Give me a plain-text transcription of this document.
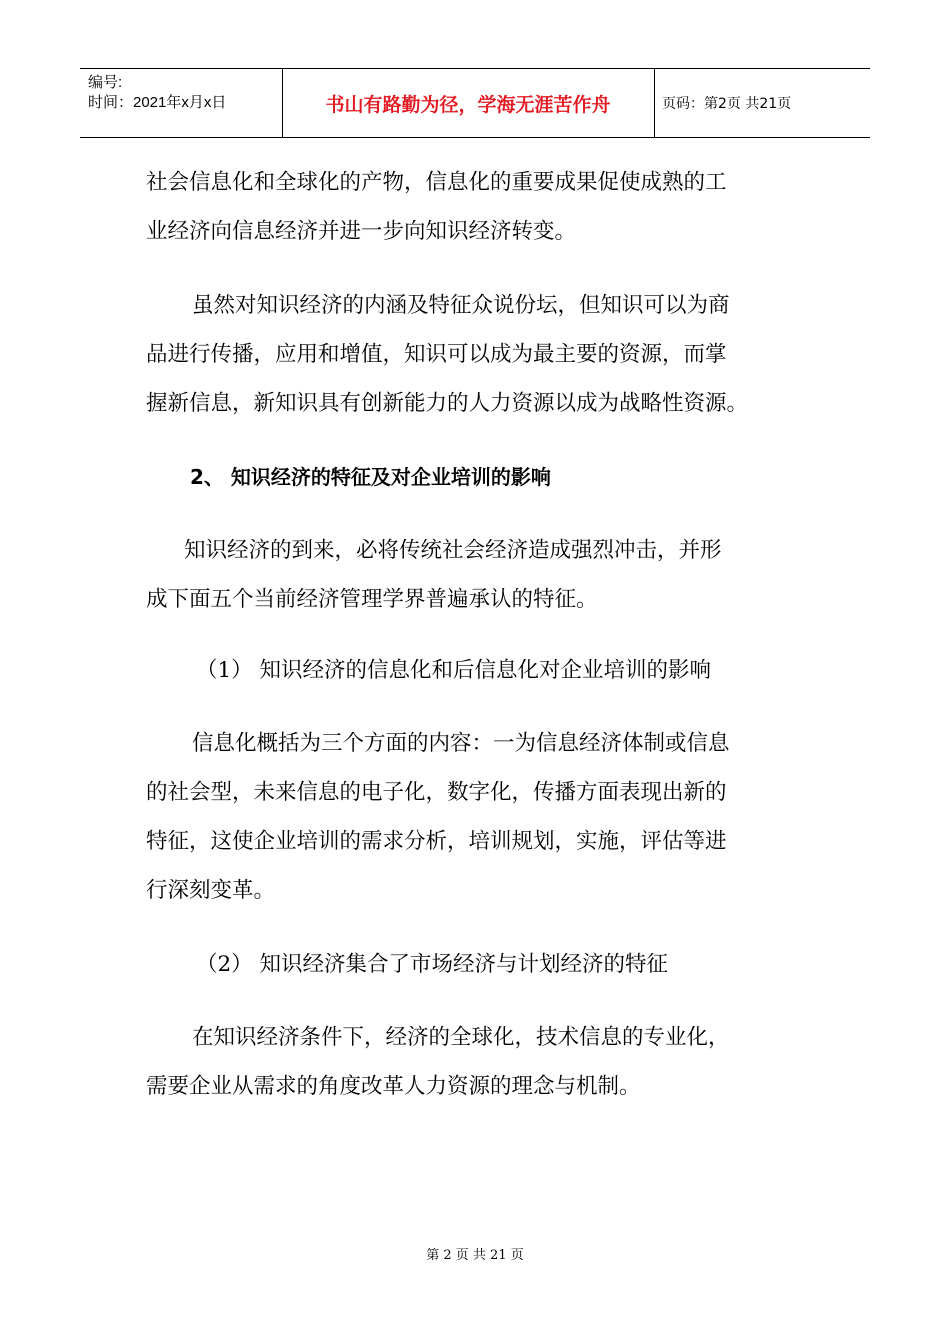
编号:
时间：2021年x月x日	书山有路勤为径，学海无涯苦作舟	页码：第2页 共21页
社会信息化和全球化的产物，信息化的重要成果促使成熟的工
业经济向信息经济并进一步向知识经济转变。
虽然对知识经济的内涵及特征众说份坛，但知识可以为商
品进行传播，应用和增值，知识可以成为最主要的资源，而掌
握新信息，新知识具有创新能力的人力资源以成为战略性资源。
2、 知识经济的特征及对企业培训的影响
知识经济的到来，必将传统社会经济造成强烈冲击，并形
成下面五个当前经济管理学界普遍承认的特征。
（1） 知识经济的信息化和后信息化对企业培训的影响
信息化概括为三个方面的内容：一为信息经济体制或信息
的社会型，未来信息的电子化，数字化，传播方面表现出新的
特征，这使企业培训的需求分析，培训规划，实施，评估等进
行深刻变革。
（2） 知识经济集合了市场经济与计划经济的特征
在知识经济条件下，经济的全球化，技术信息的专业化，
需要企业从需求的角度改革人力资源的理念与机制。
第 2 页 共 21 页
